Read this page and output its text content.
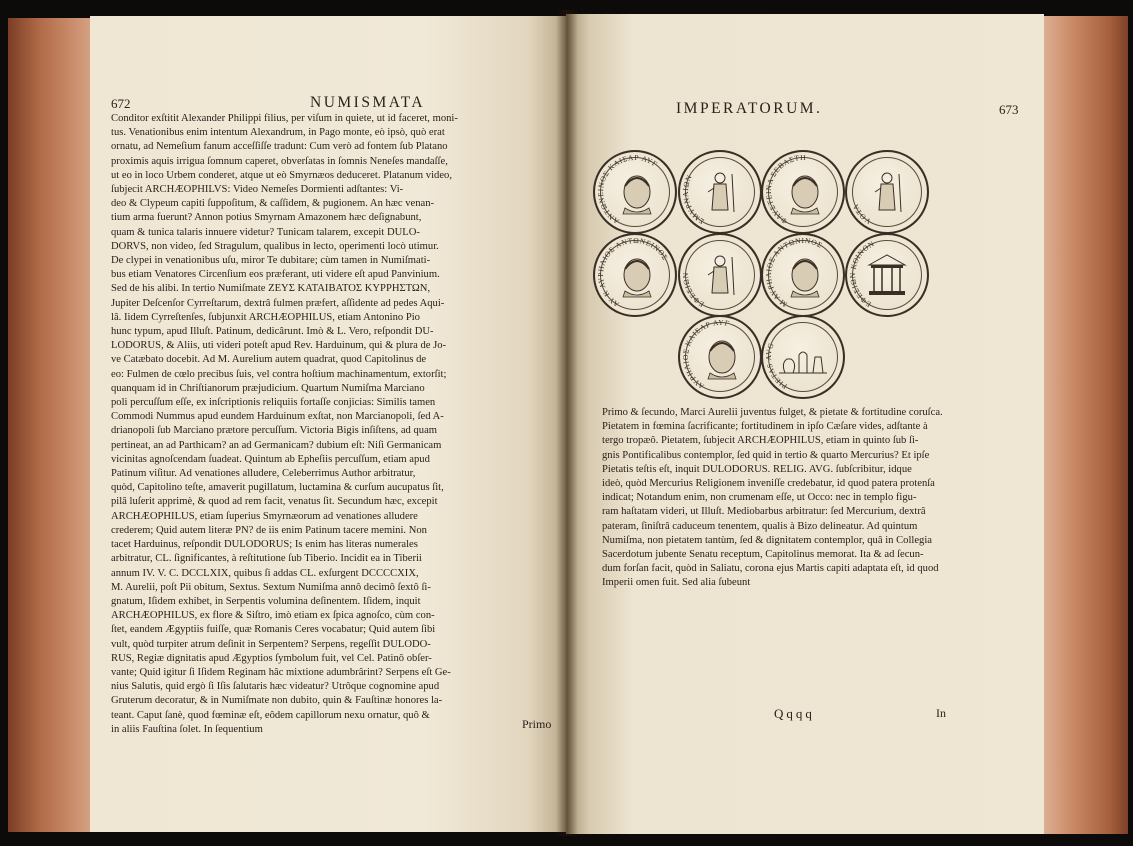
672	NUMISMATA

Conditor exſtitit Alexander Philippi filius, per viſum in quiete, ut id faceret, moni-

tus. Venationibus enim intentum Alexandrum, in Pago monte, eò ipsò, quò erat

ornatu, ad Nemeſium fanum acceſſiſſe tradunt: Cum verò ad fontem ſub Platano

proximis aquis irrigua ſomnum caperet, obverſatas in ſomnis Neneſes mandaſſe,

ut eo in loco Urbem conderet, atque ut eò Smyrnæos deduceret. Platanum video,

ſubjecit ARCHÆOPHILVS: Video Nemeſes Dormienti adſtantes: Vi-

deo & Clypeum capiti ſuppoſitum, & caſſidem, & pugionem. An hæc venan-

tium arma fuerunt? Annon potius Smyrnam Amazonem hæc deſignabunt,

quam & tunica talaris innuere videtur? Tunicam talarem, excepit DULO-

DORVS, non video, ſed Stragulum, qualibus in lecto, operimenti locò utimur.

De clypei in venationibus uſu, miror Te dubitare; cùm tamen in Numiſmati-

bus etiam Venatores Circenſium eos præferant, uti videre eſt apud Panvinium.

Sed de his alibi. In tertio Numiſmate ΖΕΥΣ ΚΑΤΑΙΒΑΤΟΣ ΚΥΡΡΗΣΤΩΝ,

Jupiter Deſcenſor Cyrreſtarum, dextrâ fulmen præfert, aſſidente ad pedes Aqui-

lâ. Iidem Cyrreſtenſes, ſubjunxit ARCHÆOPHILUS, etiam Antonino Pio

hunc typum, apud Illuſt. Patinum, dedicârunt. Imò & L. Vero, reſpondit DU-

LODORUS, & Aliis, uti videri poteſt apud Rev. Harduinum, qui & plura de Jo-

ve Catæbato docebit. Ad M. Aurelium autem quadrat, quod Capitolinus de

eo: Fulmen de cœlo precibus ſuis, vel contra hoſtium machinamentum, extorſit;

quanquam id in Chriſtianorum præjudicium. Quartum Numiſma Marciano

poli percuſſum eſſe, ex inſcriptionis reliquiis fortaſſe conjicias: Similis tamen

Commodi Nummus apud eundem Harduinum exſtat, non Marcianopoli, ſed A-

drianopoli ſub Marciano prætore percuſſum. Victoria Bigis inſiſtens, ad quam

pertineat, an ad Parthicam? an ad Germanicam? dubium eſt: Niſi Germanicam

vicinitas agnoſcendam ſuadeat. Quintum ab Epheſiis percuſſum, etiam apud

Patinum viſitur. Ad venationes alludere, Celeberrimus Author arbitratur,

quòd, Capitolino teſte, amaverit pugillatum, luctamina & curſum aucupatus ſit,

pilâ luſerit apprimè, & quod ad rem facit, venatus ſit. Secundum hæc, excepit

ARCHÆOPHILUS, etiam ſuperius Smyrnæorum ad venationes alludere

crederem; Quid autem literæ PN? de iis enim Patinum tacere memini. Non

tacet Harduinus, reſpondit DULODORUS; Is enim has literas numerales

arbitratur, CL. ſignificantes, à reſtitutione ſub Tiberio. Incidit ea in Tiberii

annum IV. V. C. DCCLXIX, quibus ſi addas CL. exſurgent DCCCCXIX,

M. Aurelii, poſt Pii obitum, Sextus. Sextum Numiſma annô decimô ſextô ſi-

gnatum, Iſidem exhibet, in Serpentis volumina deſinentem. Iſidem, inquit

ARCHÆOPHILUS, ex flore & Siſtro, imò etiam ex ſpica agnoſco, cùm con-

ſtet, eandem Ægyptiis fuiſſe, quæ Romanis Ceres vocabatur; Quid autem ſibi

vult, quòd turpiter atrum deſinit in Serpentem? Serpens, regeſſit DULODO-

RUS, Regiæ dignitatis apud Ægyptios ſymbolum fuit, vel Cel. Patinô obſer-

vante; Quid igitur ſi Iſidem Reginam hâc mixtione adumbrârint? Serpens eſt Ge-

nius Salutis, quid ergò ſi Iſis ſalutaris hæc videatur? Utrôque cognomine apud

Gruterum decoratur, & in Numiſmate non dubito, quin & Fauſtinæ honores la-

teant. Caput ſanè, quod fœminæ eſt, eôdem capillorum nexu ornatur, quô &

in aliis Fauſtina ſolet. In ſequentium	Primo
IMPERATORUM.	673
ΑΝΤΩΝΕΙΝΟΣ ΚΑΙΣΑΡ ΑΥΓ
ΣΜΥΡΝΑΙΩΝ
ΦΑΥΣΤΕΙΝΑ ΣΕΒΑΣΤΗ
VOTA
ΑΥ Κ ΑΥΡΗΛΙΟΣ ΑΝΤΩΝΕΙΝΟΣ
ΕΦΕΣΙΩΝ
Μ ΑΥΡΗΛΙΟΣ ΑΝΤΩΝΙΝΟΣ
ΕΦΕΣΙΩΝ ΚΟΙΝΟΝ
ΑΥΡΗΛΙΟΣ ΚΑΙΣΑΡ ΑΥΓ
PIETAS AVG

Primo & ſecundo, Marci Aurelii juventus fulget, & pietate & fortitudine coruſca.

Pietatem in fœmina ſacrificante; fortitudinem in ipſo Cæſare vides, adſtante à

tergo tropæô. Pietatem, ſubjecit ARCHÆOPHILUS, etiam in quinto ſub ſi-

gnis Pontificalibus contemplor, ſed quid in tertio & quarto Mercurius? Et ipſe

Pietatis teſtis eſt, inquit DULODORUS. RELIG. AVG. ſubſcribitur, idque

ideò, quòd Mercurius Religionem inveniſſe credebatur, id quod patera protenſa

indicat; Notandum enim, non crumenam eſſe, ut Occo: nec in templo figu-

ram haſtatam videri, ut Illuſt. Mediobarbus arbitratur: ſed Mercurium, dextrâ

pateram, ſiniſtrâ caduceum tenentem, qualis à Bizo delineatur. Ad quintum

Numiſma, non pietatem tantùm, ſed & dignitatem contemplor, quâ in Collegia

Sacerdotum jubente Senatu receptum, Capitolinus memorat. Ita & ad ſecun-

dum forſan facit, quòd in Saliatu, corona ejus Martis capiti adaptata eſt, id quod

Imperii omen fuit. Sed alia ſubeunt

Qqqq	In
